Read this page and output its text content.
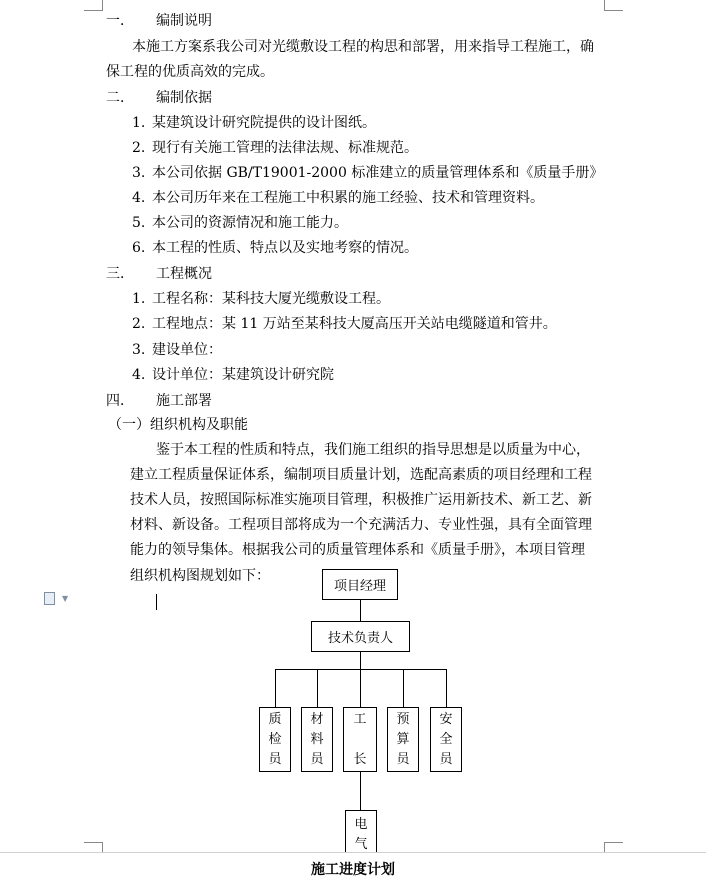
一． 编制说明
本施工方案系我公司对光缆敷设工程的构思和部署，用来指导工程施工，确
保工程的优质高效的完成。
二． 编制依据
1. 某建筑设计研究院提供的设计图纸。
2. 现行有关施工管理的法律法规、标准规范。
3. 本公司依据 GB/T19001-2000 标准建立的质量管理体系和《质量手册》
4. 本公司历年来在工程施工中积累的施工经验、技术和管理资料。
5. 本公司的资源情况和施工能力。
6. 本工程的性质、特点以及实地考察的情况。
三． 工程概况
1. 工程名称：某科技大厦光缆敷设工程。
2. 工程地点：某 11 万站至某科技大厦高压开关站电缆隧道和管井。
3. 建设单位：
4. 设计单位：某建筑设计研究院
四． 施工部署
（一）组织机构及职能
鉴于本工程的性质和特点，我们施工组织的指导思想是以质量为中心，
建立工程质量保证体系，编制项目质量计划，选配高素质的项目经理和工程
技术人员，按照国际标准实施项目管理，积极推广运用新技术、新工艺、新
材料、新设备。工程项目部将成为一个充满活力、专业性强，具有全面管理
能力的领导集体。根据我公司的质量管理体系和《质量手册》，本项目管理
组织机构图规划如下：
▼
项目经理
技术负责人
质
检
员
材
料
员
工

长
预
算
员
安
全
员
电
气
施工进度计划
